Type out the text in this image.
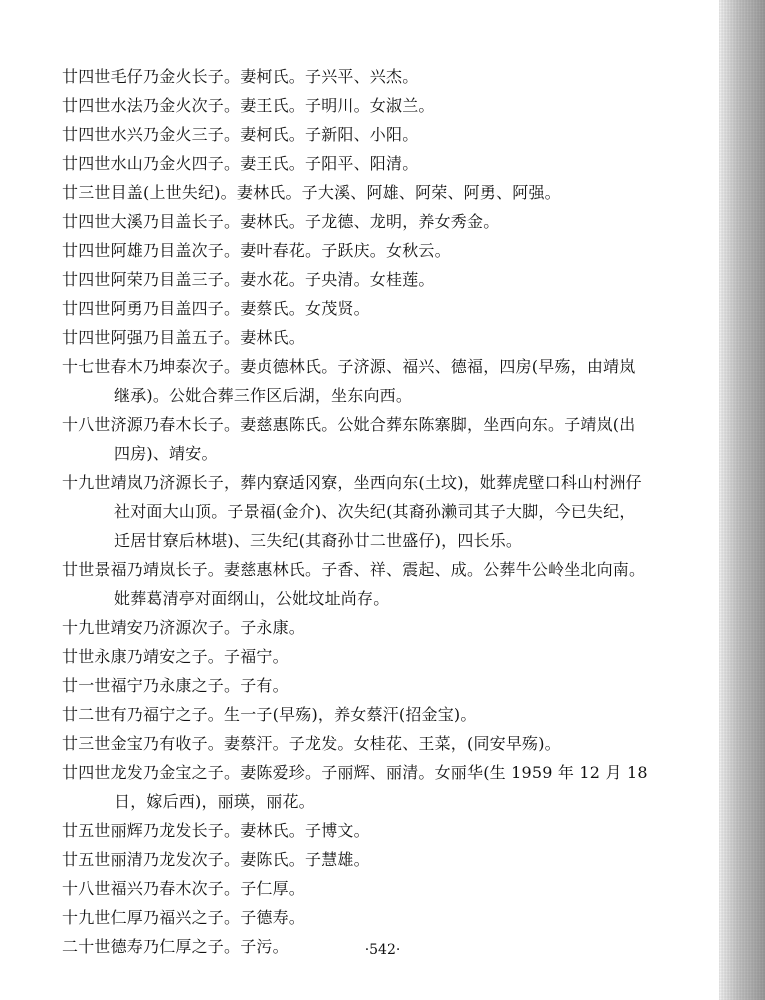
廿四世毛仔乃金火长子。妻柯氏。子兴平、兴杰。
廿四世水法乃金火次子。妻王氏。子明川。女淑兰。
廿四世水兴乃金火三子。妻柯氏。子新阳、小阳。
廿四世水山乃金火四子。妻王氏。子阳平、阳清。
廿三世目盖(上世失纪)。妻林氏。子大溪、阿雄、阿荣、阿勇、阿强。
廿四世大溪乃目盖长子。妻林氏。子龙德、龙明，养女秀金。
廿四世阿雄乃目盖次子。妻叶春花。子跃庆。女秋云。
廿四世阿荣乃目盖三子。妻水花。子央清。女桂莲。
廿四世阿勇乃目盖四子。妻蔡氏。女茂贤。
廿四世阿强乃目盖五子。妻林氏。
十七世春木乃坤泰次子。妻贞德林氏。子济源、福兴、德福，四房(早殇，由靖岚
继承)。公妣合葬三作区后湖，坐东向西。
十八世济源乃春木长子。妻慈惠陈氏。公妣合葬东陈寨脚，坐西向东。子靖岚(出
四房)、靖安。
十九世靖岚乃济源长子，葬内寮适冈寮，坐西向东(土坟)，妣葬虎壁口科山村洲仔
社对面大山顶。子景福(金介)、次失纪(其裔孙濑司其子大脚，今已失纪，
迁居甘寮后林堪)、三失纪(其裔孙廿二世盛仔)，四长乐。
廿世景福乃靖岚长子。妻慈惠林氏。子香、祥、震起、成。公葬牛公岭坐北向南。
妣葬葛清亭对面纲山，公妣坟址尚存。
十九世靖安乃济源次子。子永康。
廿世永康乃靖安之子。子福宁。
廿一世福宁乃永康之子。子有。
廿二世有乃福宁之子。生一子(早殇)，养女蔡汗(招金宝)。
廿三世金宝乃有收子。妻蔡汗。子龙发。女桂花、王菜，(同安早殇)。
廿四世龙发乃金宝之子。妻陈爱珍。子丽辉、丽清。女丽华(生 1959 年 12 月 18
日，嫁后西)，丽瑛，丽花。
廿五世丽辉乃龙发长子。妻林氏。子博文。
廿五世丽清乃龙发次子。妻陈氏。子慧雄。
十八世福兴乃春木次子。子仁厚。
十九世仁厚乃福兴之子。子德寿。
二十世德寿乃仁厚之子。子污。	·542·
